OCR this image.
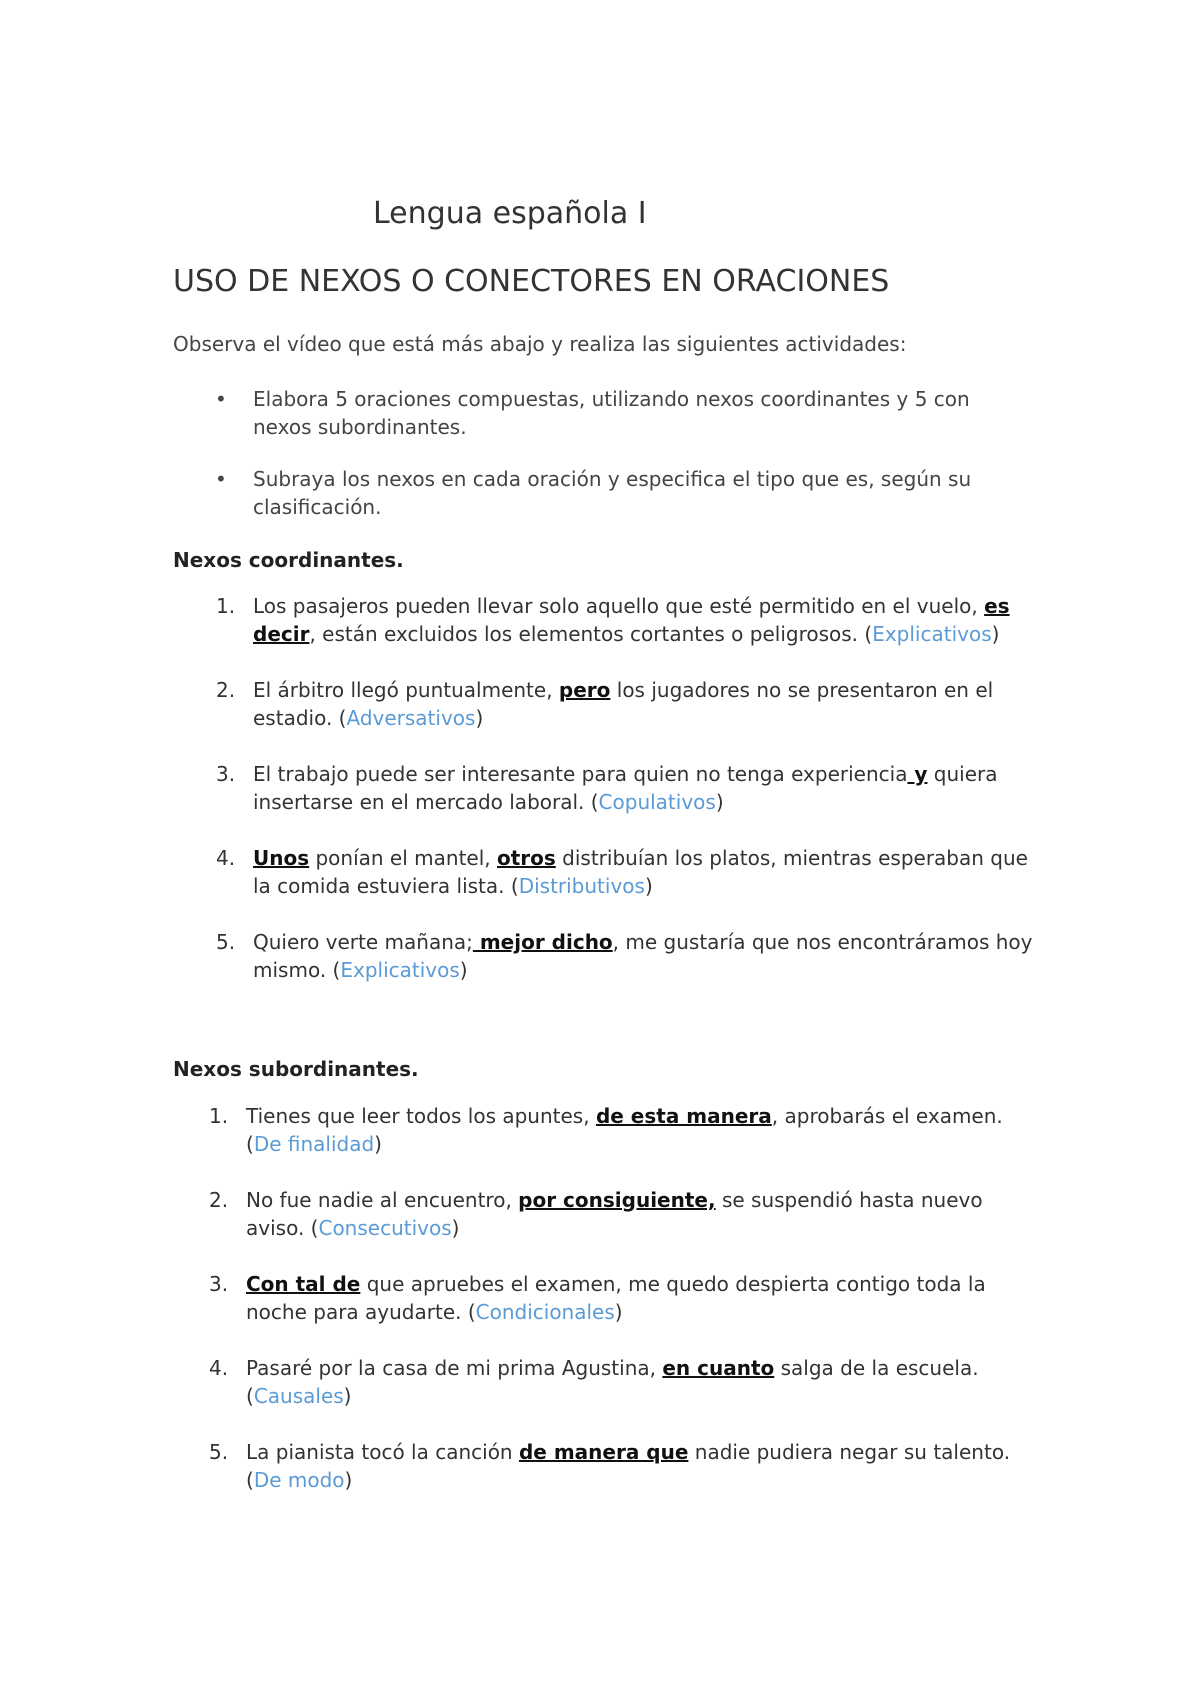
Lengua española I
USO DE NEXOS O CONECTORES EN ORACIONES

Observa el vídeo que está más abajo y realiza las siguientes actividades:

• Elabora 5 oraciones compuestas, utilizando nexos coordinantes y 5 con nexos subordinantes.
• Subraya los nexos en cada oración y especifica el tipo que es, según su clasificación.
Nexos coordinantes.
1. Los pasajeros pueden llevar solo aquello que esté permitido en el vuelo, es decir, están excluidos los elementos cortantes o peligrosos. (Explicativos)
2. El árbitro llegó puntualmente, pero los jugadores no se presentaron en el estadio. (Adversativos)
3. El trabajo puede ser interesante para quien no tenga experiencia y quiera insertarse en el mercado laboral. (Copulativos)
4. Unos ponían el mantel, otros distribuían los platos, mientras esperaban que la comida estuviera lista. (Distributivos)
5. Quiero verte mañana; mejor dicho, me gustaría que nos encontráramos hoy mismo. (Explicativos)
Nexos subordinantes.
1. Tienes que leer todos los apuntes, de esta manera, aprobarás el examen. (De finalidad)
2. No fue nadie al encuentro, por consiguiente, se suspendió hasta nuevo aviso. (Consecutivos)
3. Con tal de que apruebes el examen, me quedo despierta contigo toda la noche para ayudarte. (Condicionales)
4. Pasaré por la casa de mi prima Agustina, en cuanto salga de la escuela. (Causales)
5. La pianista tocó la canción de manera que nadie pudiera negar su talento. (De modo)
